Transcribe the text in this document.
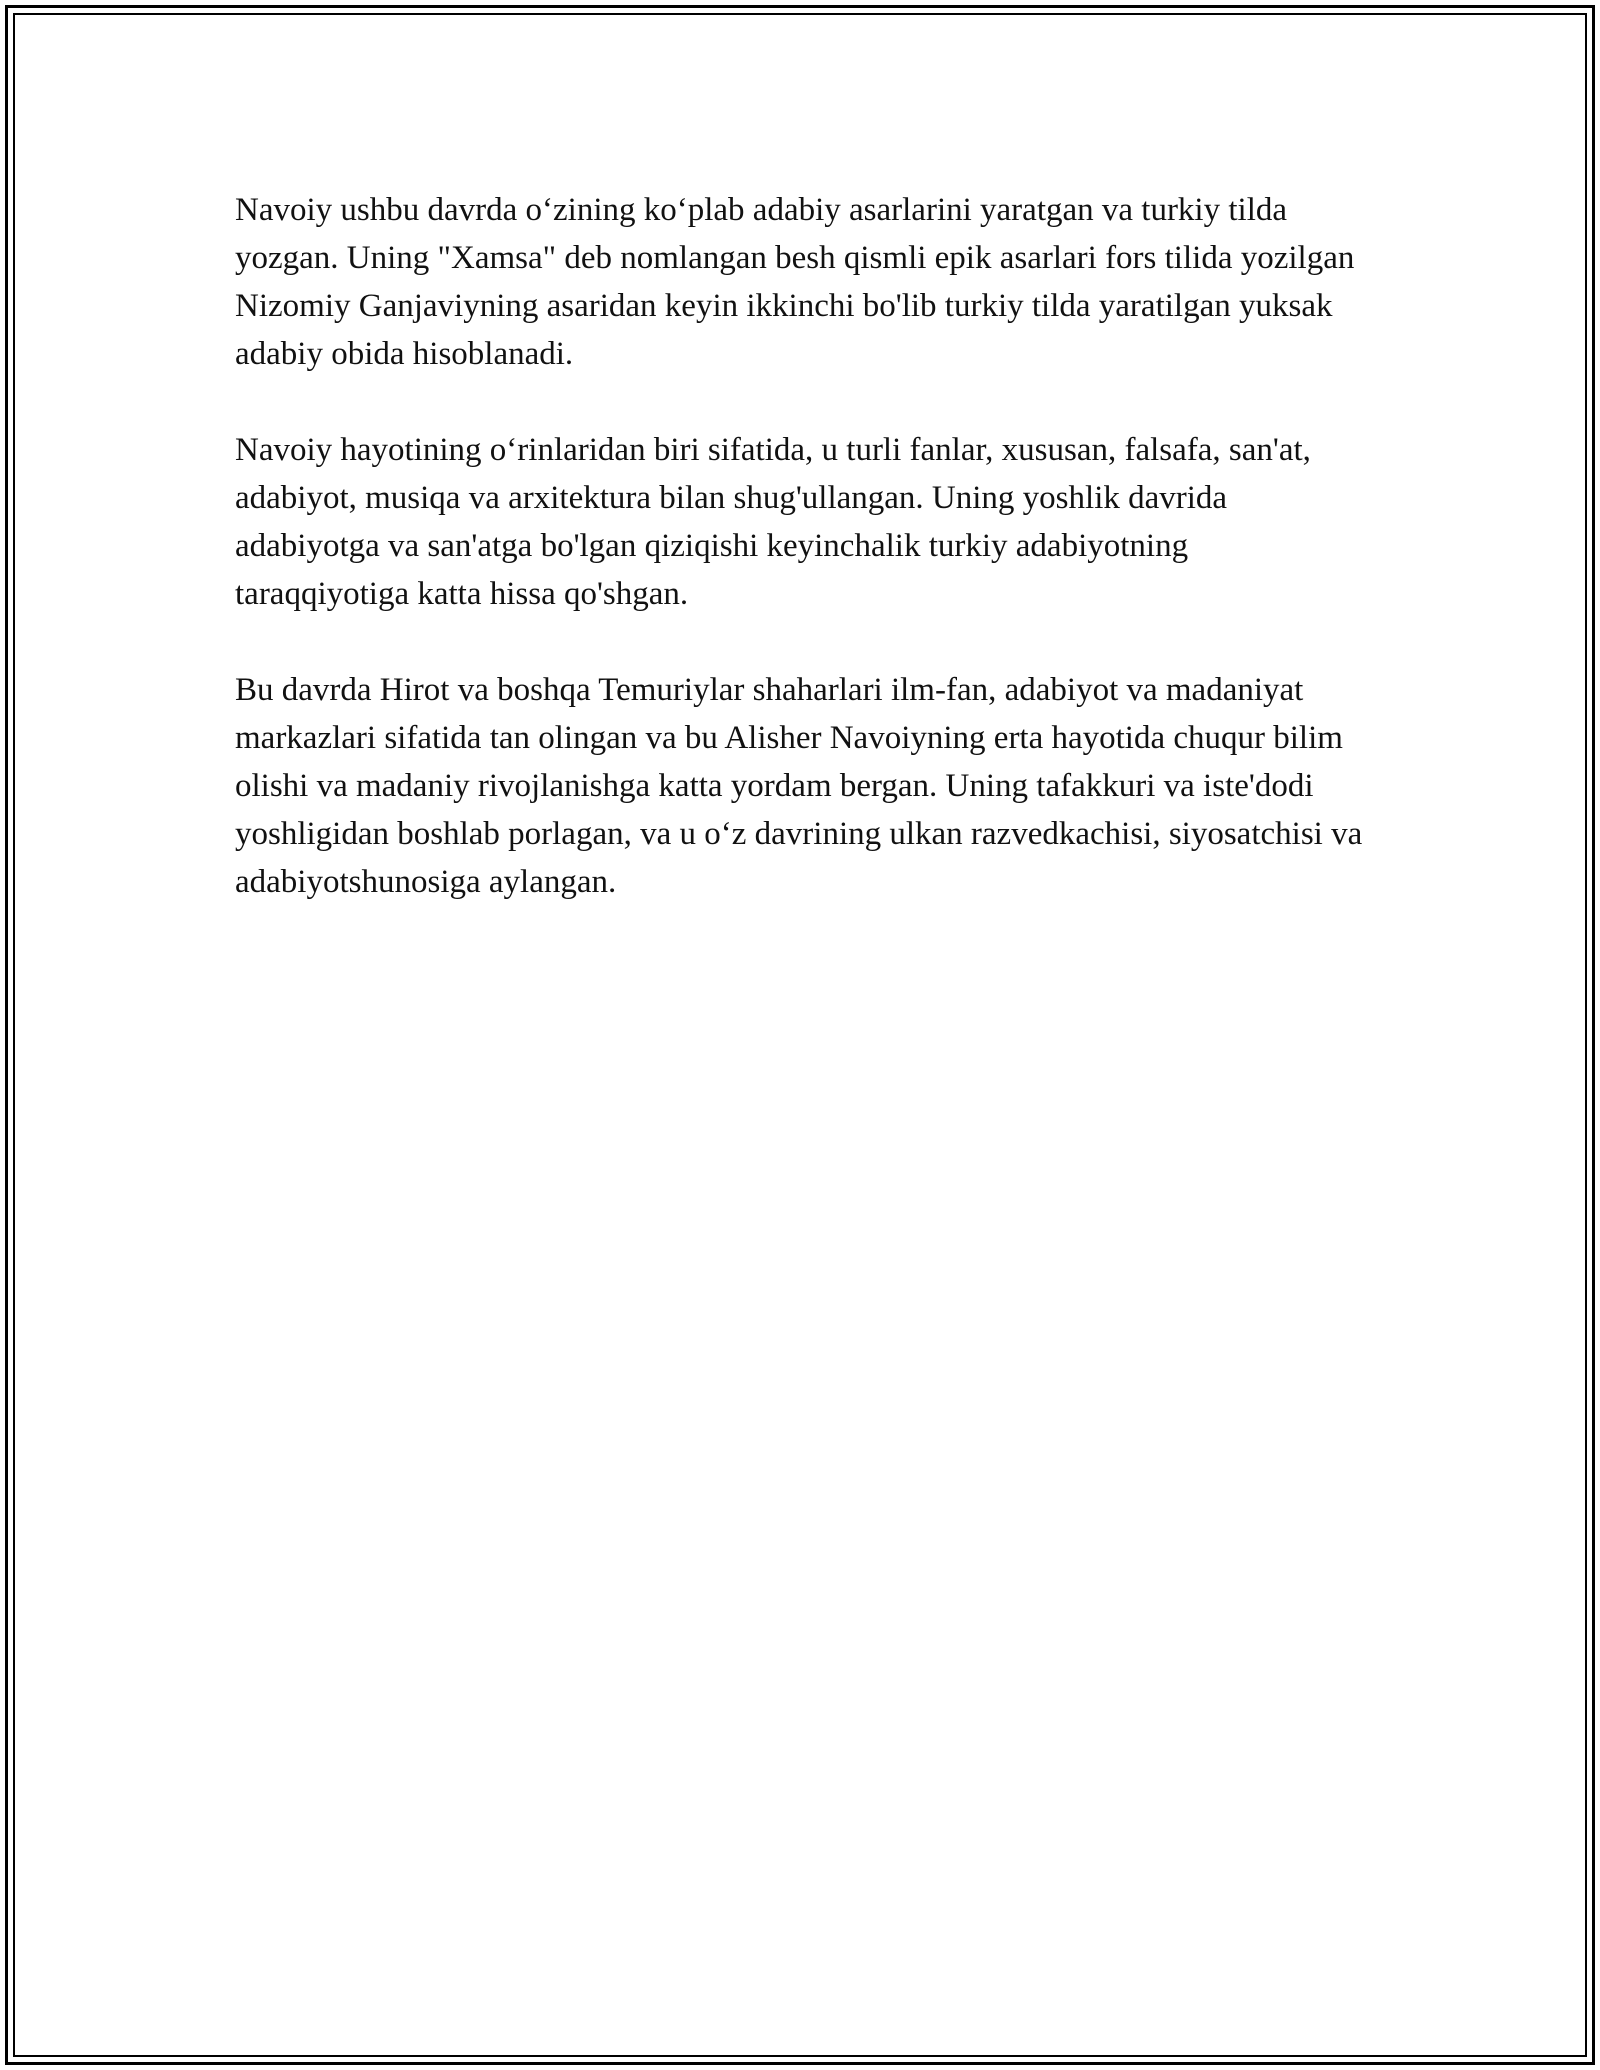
Navoiy ushbu davrda o‘zining ko‘plab adabiy asarlarini yaratgan va turkiy tilda yozgan. Uning "Xamsa" deb nomlangan besh qismli epik asarlari fors tilida yozilgan Nizomiy Ganjaviyning asaridan keyin ikkinchi bo'lib turkiy tilda yaratilgan yuksak adabiy obida hisoblanadi.

Navoiy hayotining o‘rinlaridan biri sifatida, u turli fanlar, xususan, falsafa, san'at, adabiyot, musiqa va arxitektura bilan shug'ullangan. Uning yoshlik davrida adabiyotga va san'atga bo'lgan qiziqishi keyinchalik turkiy adabiyotning taraqqiyotiga katta hissa qo'shgan.

Bu davrda Hirot va boshqa Temuriylar shaharlari ilm-fan, adabiyot va madaniyat markazlari sifatida tan olingan va bu Alisher Navoiyning erta hayotida chuqur bilim olishi va madaniy rivojlanishga katta yordam bergan. Uning tafakkuri va iste'dodi yoshligidan boshlab porlagan, va u o‘z davrining ulkan razvedkachisi, siyosatchisi va adabiyotshunosiga aylangan.
